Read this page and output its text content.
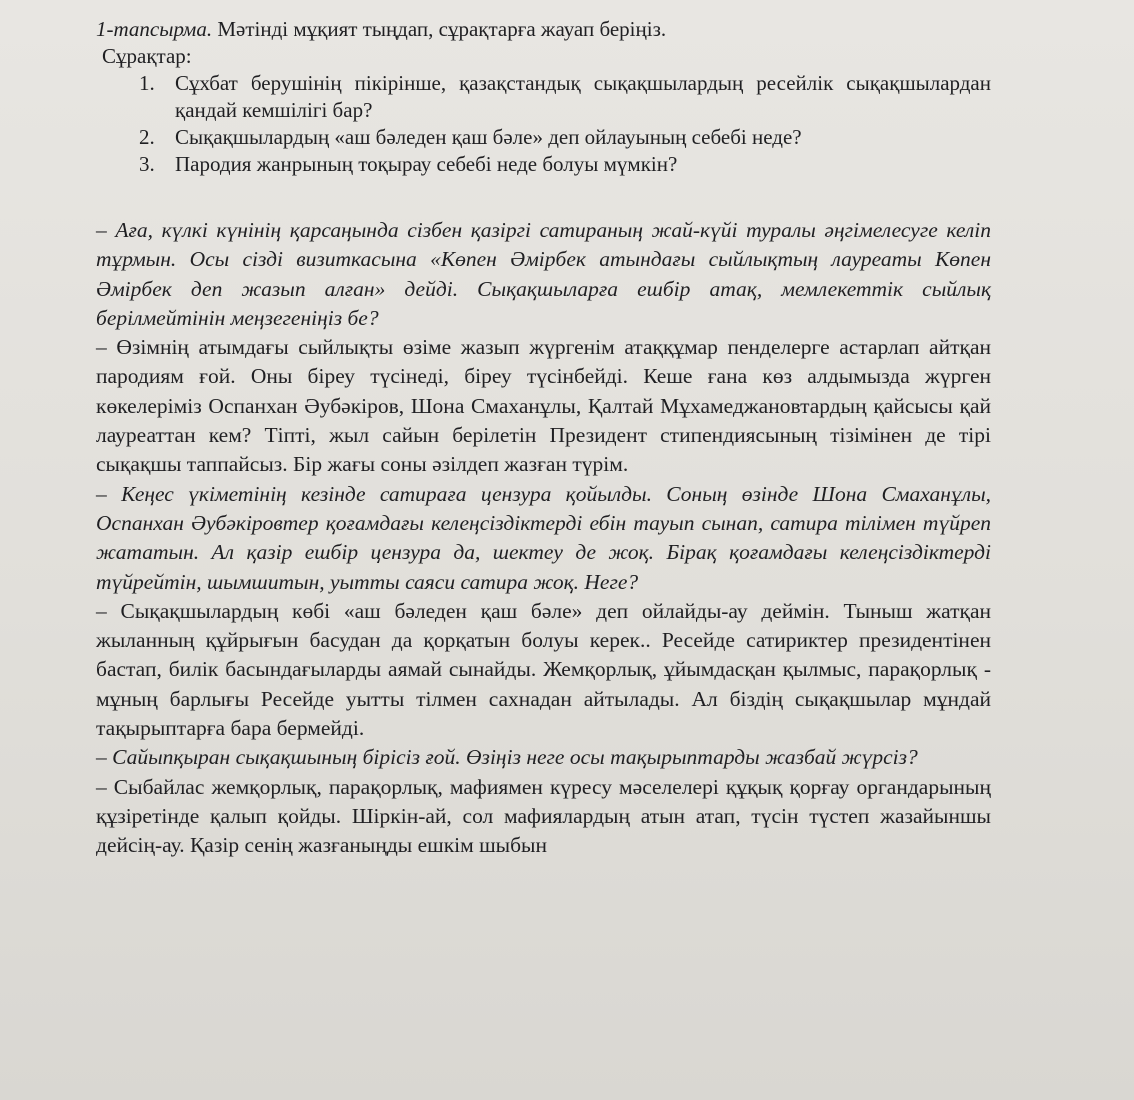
1-тапсырма. Мәтінді мұқият тыңдап, сұрақтарға жауап беріңіз.

Сұрақтар:

1. Сұхбат берушінің пікірінше, қазақстандық сықақшылардың ресейлік сықақшылардан қандай кемшілігі бар?
2. Сықақшылардың «аш бәледен қаш бәле» деп ойлауының себебі неде?
3. Пародия жанрының тоқырау себебі неде болуы мүмкін?

– Аға, күлкі күнінің қарсаңында сізбен қазіргі сатираның жай-күйі туралы әңгімелесуге келіп тұрмын. Осы сізді визиткасына «Көпен Әмірбек атындағы сыйлықтың лауреаты Көпен Әмірбек деп жазып алған» дейді. Сықақшыларға ешбір атақ, мемлекеттік сыйлық берілмейтінін меңзегеніңіз бе?

– Өзімнің атымдағы сыйлықты өзіме жазып жүргенім атаққұмар пенделерге астарлап айтқан пародиям ғой. Оны біреу түсінеді, біреу түсінбейді. Кеше ғана көз алдымызда жүрген көкелеріміз Оспанхан Әубәкіров, Шона Смаханұлы, Қалтай Мұхамеджановтардың қайсысы қай лауреаттан кем? Тіпті, жыл сайын берілетін Президент стипендиясының тізімінен де тірі сықақшы таппайсыз. Бір жағы соны әзілдеп жазған түрім.

– Кеңес үкіметінің кезінде сатираға цензура қойылды. Соның өзінде Шона Смаханұлы, Оспанхан Әубәкіровтер қоғамдағы келеңсіздіктерді ебін тауып сынап, сатира тілімен түйреп жататын. Ал қазір ешбір цензура да, шектеу де жоқ. Бірақ қоғамдағы келеңсіздіктерді түйрейтін, шымшитын, уытты саяси сатира жоқ. Неге?

– Сықақшылардың көбі «аш бәледен қаш бәле» деп ойлайды-ау деймін. Тыныш жатқан жыланның құйрығын басудан да қорқатын болуы керек.. Ресейде сатириктер президентінен бастап, билік басындағыларды аямай сынайды. Жемқорлық, ұйымдасқан қылмыс, парақорлық - мұның барлығы Ресейде уытты тілмен сахнадан айтылады. Ал біздің сықақшылар мұндай тақырыптарға бара бермейді.

– Сайыпқыран сықақшының бірісіз ғой. Өзіңіз неге осы тақырыптарды жазбай жүрсіз?

– Сыбайлас жемқорлық, парақорлық, мафиямен күресу мәселелері құқық қорғау органдарының құзіретінде қалып қойды. Шіркін-ай, сол мафиялардың атын атап, түсін түстеп жазайыншы дейсің-ау. Қазір сенің жазғаныңды ешкім шыбын
